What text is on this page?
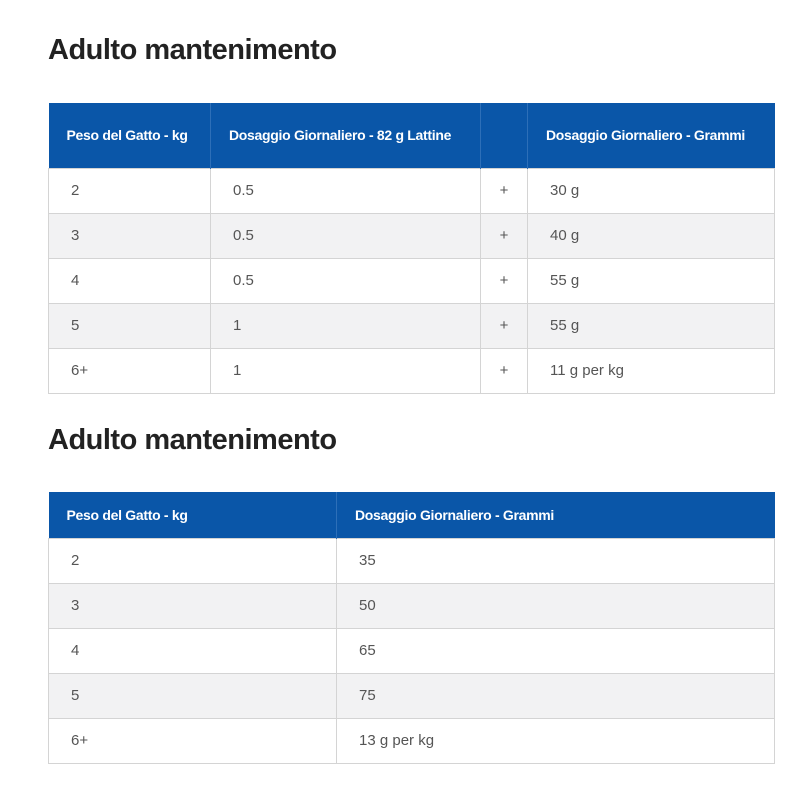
Adulto mantenimento
Peso del Gatto - kg	Dosaggio Giornaliero - 82 g Lattine		Dosaggio Giornaliero - Grammi
2	0.5	+	30 g
3	0.5	+	40 g
4	0.5	+	55 g
5	1	+	55 g
6+	1	+	11 g per kg
Adulto mantenimento
Peso del Gatto - kg	Dosaggio Giornaliero - Grammi
2	35
3	50
4	65
5	75
6+	13 g per kg
